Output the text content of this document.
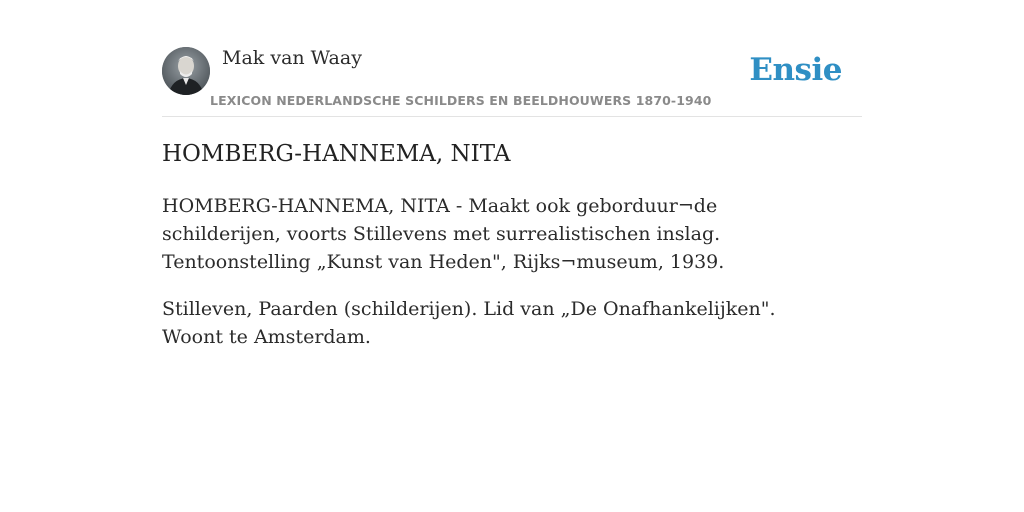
Mak van Waay
LEXICON NEDERLANDSCHE SCHILDERS EN BEELDHOUWERS 1870-1940
Ensie
HOMBERG-HANNEMA, NITA

HOMBERG-HANNEMA, NITA - Maakt ook geborduur¬de schilderijen, voorts Stillevens met surrealistischen inslag. Tentoonstelling „Kunst van Heden", Rijks¬museum, 1939.

Stilleven, Paarden (schilderijen). Lid van „De Onafhankelijken". Woont te Amsterdam.
